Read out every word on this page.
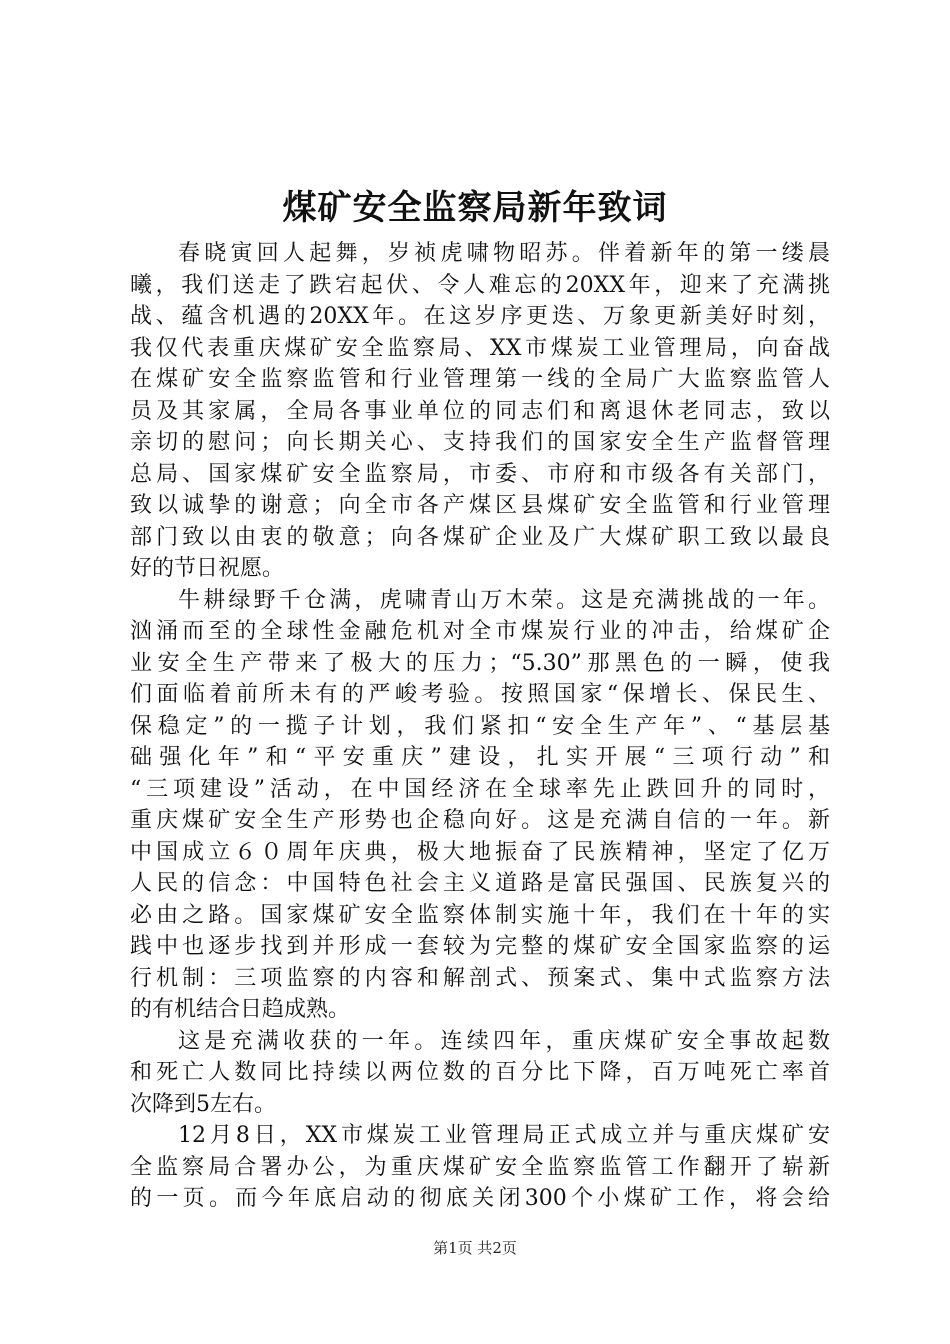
煤矿安全监察局新年致词
春晓寅回人起舞，岁祯虎啸物昭苏。伴着新年的第一缕晨
曦，我们送走了跌宕起伏、令人难忘的20XX年，迎来了充满挑
战、蕴含机遇的20XX年。在这岁序更迭、万象更新美好时刻，
我仅代表重庆煤矿安全监察局、XX市煤炭工业管理局，向奋战
在煤矿安全监察监管和行业管理第一线的全局广大监察监管人
员及其家属，全局各事业单位的同志们和离退休老同志，致以
亲切的慰问；向长期关心、支持我们的国家安全生产监督管理
总局、国家煤矿安全监察局，市委、市府和市级各有关部门，
致以诚挚的谢意；向全市各产煤区县煤矿安全监管和行业管理
部门致以由衷的敬意；向各煤矿企业及广大煤矿职工致以最良
好的节日祝愿。
牛耕绿野千仓满，虎啸青山万木荣。这是充满挑战的一年。
汹涌而至的全球性金融危机对全市煤炭行业的冲击，给煤矿企
业安全生产带来了极大的压力；“5.30”那黑色的一瞬，使我
们面临着前所未有的严峻考验。按照国家“保增长、保民生、
保稳定”的一揽子计划，我们紧扣“安全生产年”、“基层基
础强化年”和“平安重庆”建设，扎实开展“三项行动”和
“三项建设”活动，在中国经济在全球率先止跌回升的同时，
重庆煤矿安全生产形势也企稳向好。这是充满自信的一年。新
中国成立６０周年庆典，极大地振奋了民族精神，坚定了亿万
人民的信念：中国特色社会主义道路是富民强国、民族复兴的
必由之路。国家煤矿安全监察体制实施十年，我们在十年的实
践中也逐步找到并形成一套较为完整的煤矿安全国家监察的运
行机制：三项监察的内容和解剖式、预案式、集中式监察方法
的有机结合日趋成熟。
这是充满收获的一年。连续四年，重庆煤矿安全事故起数
和死亡人数同比持续以两位数的百分比下降，百万吨死亡率首
次降到5左右。
12月8日，XX市煤炭工业管理局正式成立并与重庆煤矿安
全监察局合署办公，为重庆煤矿安全监察监管工作翻开了崭新
的一页。而今年底启动的彻底关闭300个小煤矿工作，将会给
第1页 共2页
